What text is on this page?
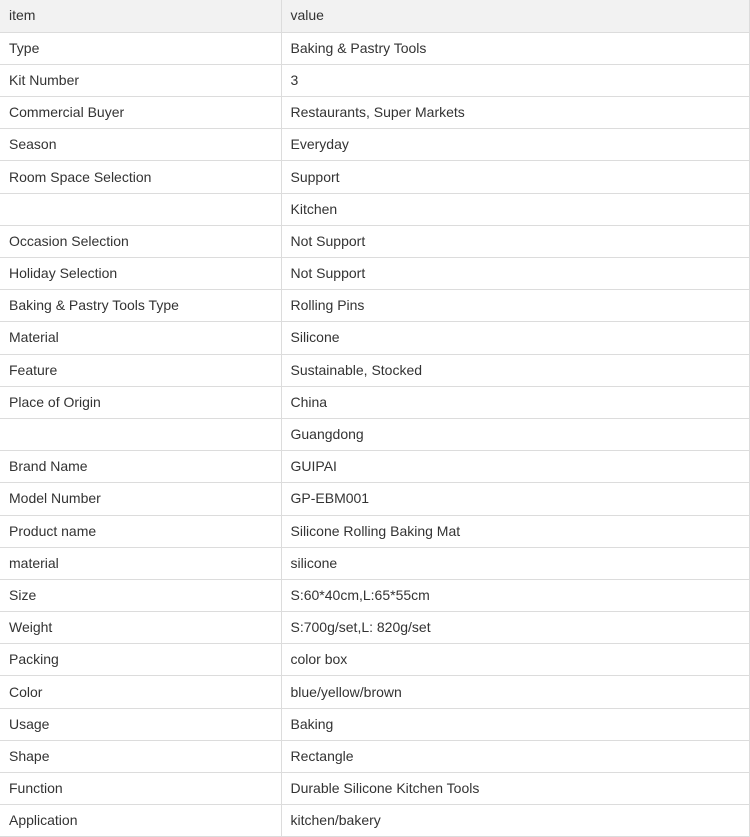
item	value
Type	Baking & Pastry Tools
Kit Number	3
Commercial Buyer	Restaurants, Super Markets
Season	Everyday
Room Space Selection	Support
	Kitchen
Occasion Selection	Not Support
Holiday Selection	Not Support
Baking & Pastry Tools Type	Rolling Pins
Material	Silicone
Feature	Sustainable, Stocked
Place of Origin	China
	Guangdong
Brand Name	GUIPAI
Model Number	GP-EBM001
Product name	Silicone Rolling Baking Mat
material	silicone
Size	S:60*40cm,L:65*55cm
Weight	S:700g/set,L: 820g/set
Packing	color box
Color	blue/yellow/brown
Usage	Baking
Shape	Rectangle
Function	Durable Silicone Kitchen Tools
Application	kitchen/bakery
